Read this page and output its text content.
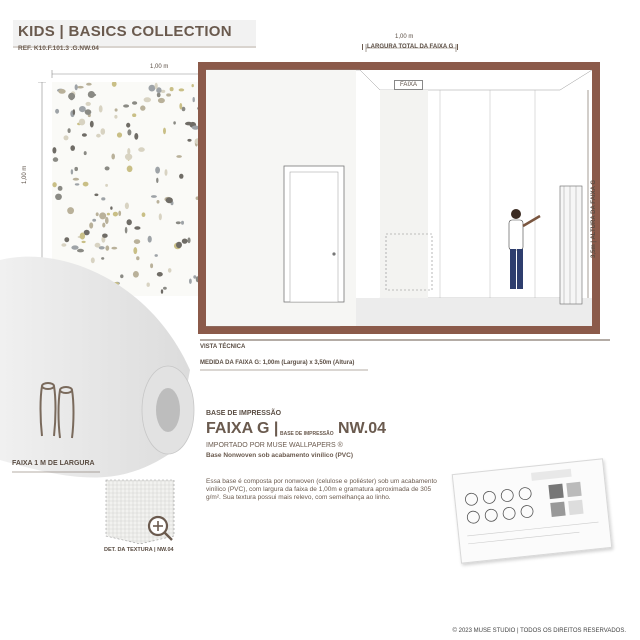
KIDS | BASICS COLLECTION
REF. K10.F.101.3 .G.NW.04
1,00 m
1,00 m
1,00 m
LARGURA TOTAL DA FAIXA G
FAIXA
3,5m | ALTURA DA FAIXA G
VISTA TÉCNICA
MEDIDA DA FAIXA G: 1,00m (Largura) x 3,50m (Altura)
FAIXA 1 M DE LARGURA
BASE DE IMPRESSÃO
FAIXA G | BASE DE IMPRESSÃO NW.04
IMPORTADO POR MUSE WALLPAPERS ®
Base Nonwoven sob acabamento vinílico (PVC)
Essa base é composta por nonwoven (celulose e poliéster) sob um acabamento vinílico (PVC), com largura da faixa de 1,00m e gramatura aproximada de 305 g/m². Sua textura possui mais relevo, com semelhança ao linho.
DET. DA TEXTURA | NW.04
© 2023 MUSE STUDIO | TODOS OS DIREITOS RESERVADOS.
